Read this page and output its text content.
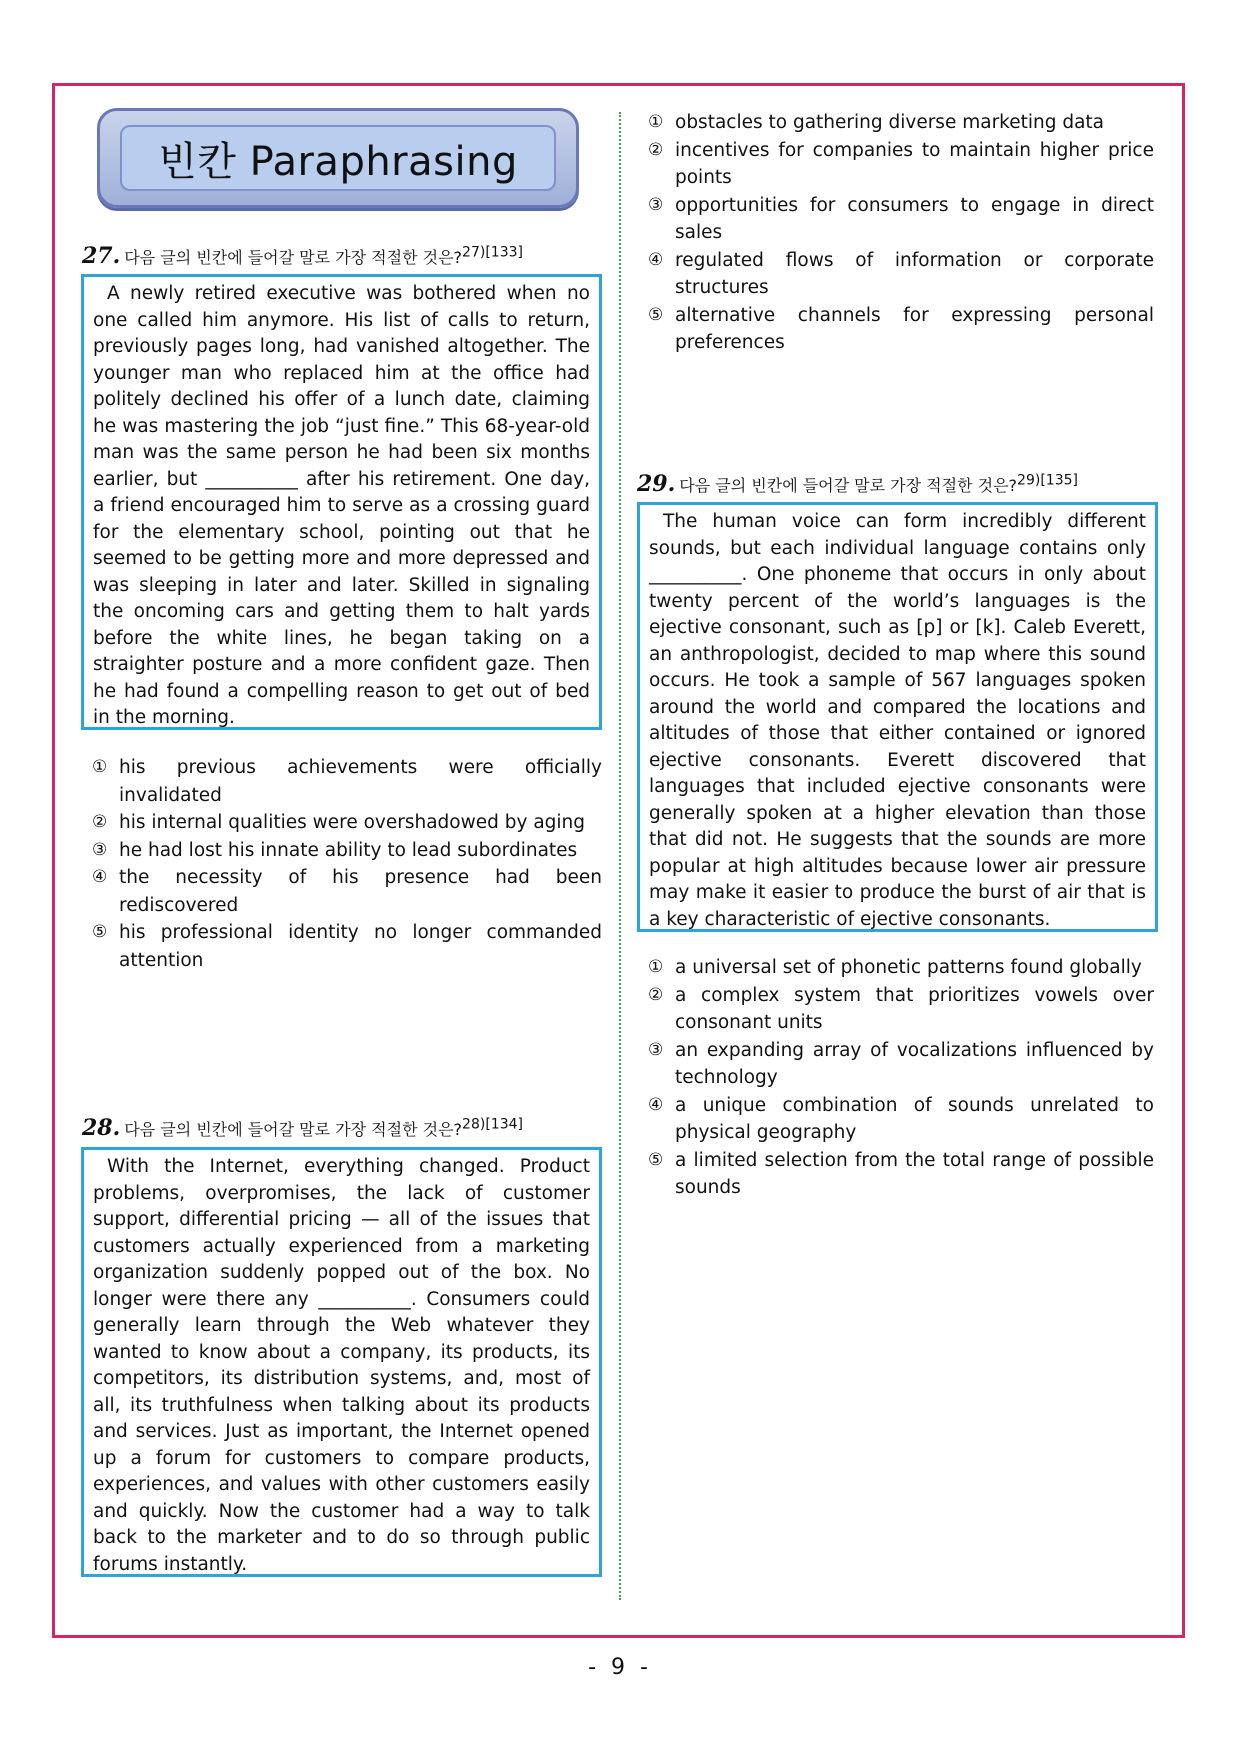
빈칸 Paraphrasing
27. 다음 글의 빈칸에 들어갈 말로 가장 적절한 것은?$^{27)[133]}$

A newly retired executive was bothered when no one called him anymore. His list of calls to return, previously pages long, had vanished altogether. The younger man who replaced him at the office had politely declined his offer of a lunch date, claiming he was mastering the job “just fine.” This 68-year-old man was the same person he had been six months earlier, but __________ after his retirement. One day, a friend encouraged him to serve as a crossing guard for the elementary school, pointing out that he seemed to be getting more and more depressed and was sleeping in later and later. Skilled in signaling the oncoming cars and getting them to halt yards before the white lines, he began taking on a straighter posture and a more confident gaze. Then he had found a compelling reason to get out of bed in the morning.

① his previous achievements were officially invalidated
② his internal qualities were overshadowed by aging
③ he had lost his innate ability to lead subordinates
④ the necessity of his presence had been rediscovered
⑤ his professional identity no longer commanded attention
28. 다음 글의 빈칸에 들어갈 말로 가장 적절한 것은?$^{28)[134]}$

With the Internet, everything changed. Product problems, overpromises, the lack of customer support, differential pricing — all of the issues that customers actually experienced from a marketing organization suddenly popped out of the box. No longer were there any __________. Consumers could generally learn through the Web whatever they wanted to know about a company, its products, its competitors, its distribution systems, and, most of all, its truthfulness when talking about its products and services. Just as important, the Internet opened up a forum for customers to compare products, experiences, and values with other customers easily and quickly. Now the customer had a way to talk back to the marketer and to do so through public forums instantly.

① obstacles to gathering diverse marketing data
② incentives for companies to maintain higher price points
③ opportunities for consumers to engage in direct sales
④ regulated flows of information or corporate structures
⑤ alternative channels for expressing personal preferences
29. 다음 글의 빈칸에 들어갈 말로 가장 적절한 것은?$^{29)[135]}$

The human voice can form incredibly different sounds, but each individual language contains only __________. One phoneme that occurs in only about twenty percent of the world’s languages is the ejective consonant, such as [p] or [k]. Caleb Everett, an anthropologist, decided to map where this sound occurs. He took a sample of 567 languages spoken around the world and compared the locations and altitudes of those that either contained or ignored ejective consonants. Everett discovered that languages that included ejective consonants were generally spoken at a higher elevation than those that did not. He suggests that the sounds are more popular at high altitudes because lower air pressure may make it easier to produce the burst of air that is a key characteristic of ejective consonants.

① a universal set of phonetic patterns found globally
② a complex system that prioritizes vowels over consonant units
③ an expanding array of vocalizations influenced by technology
④ a unique combination of sounds unrelated to physical geography
⑤ a limited selection from the total range of possible sounds
- 9 -
